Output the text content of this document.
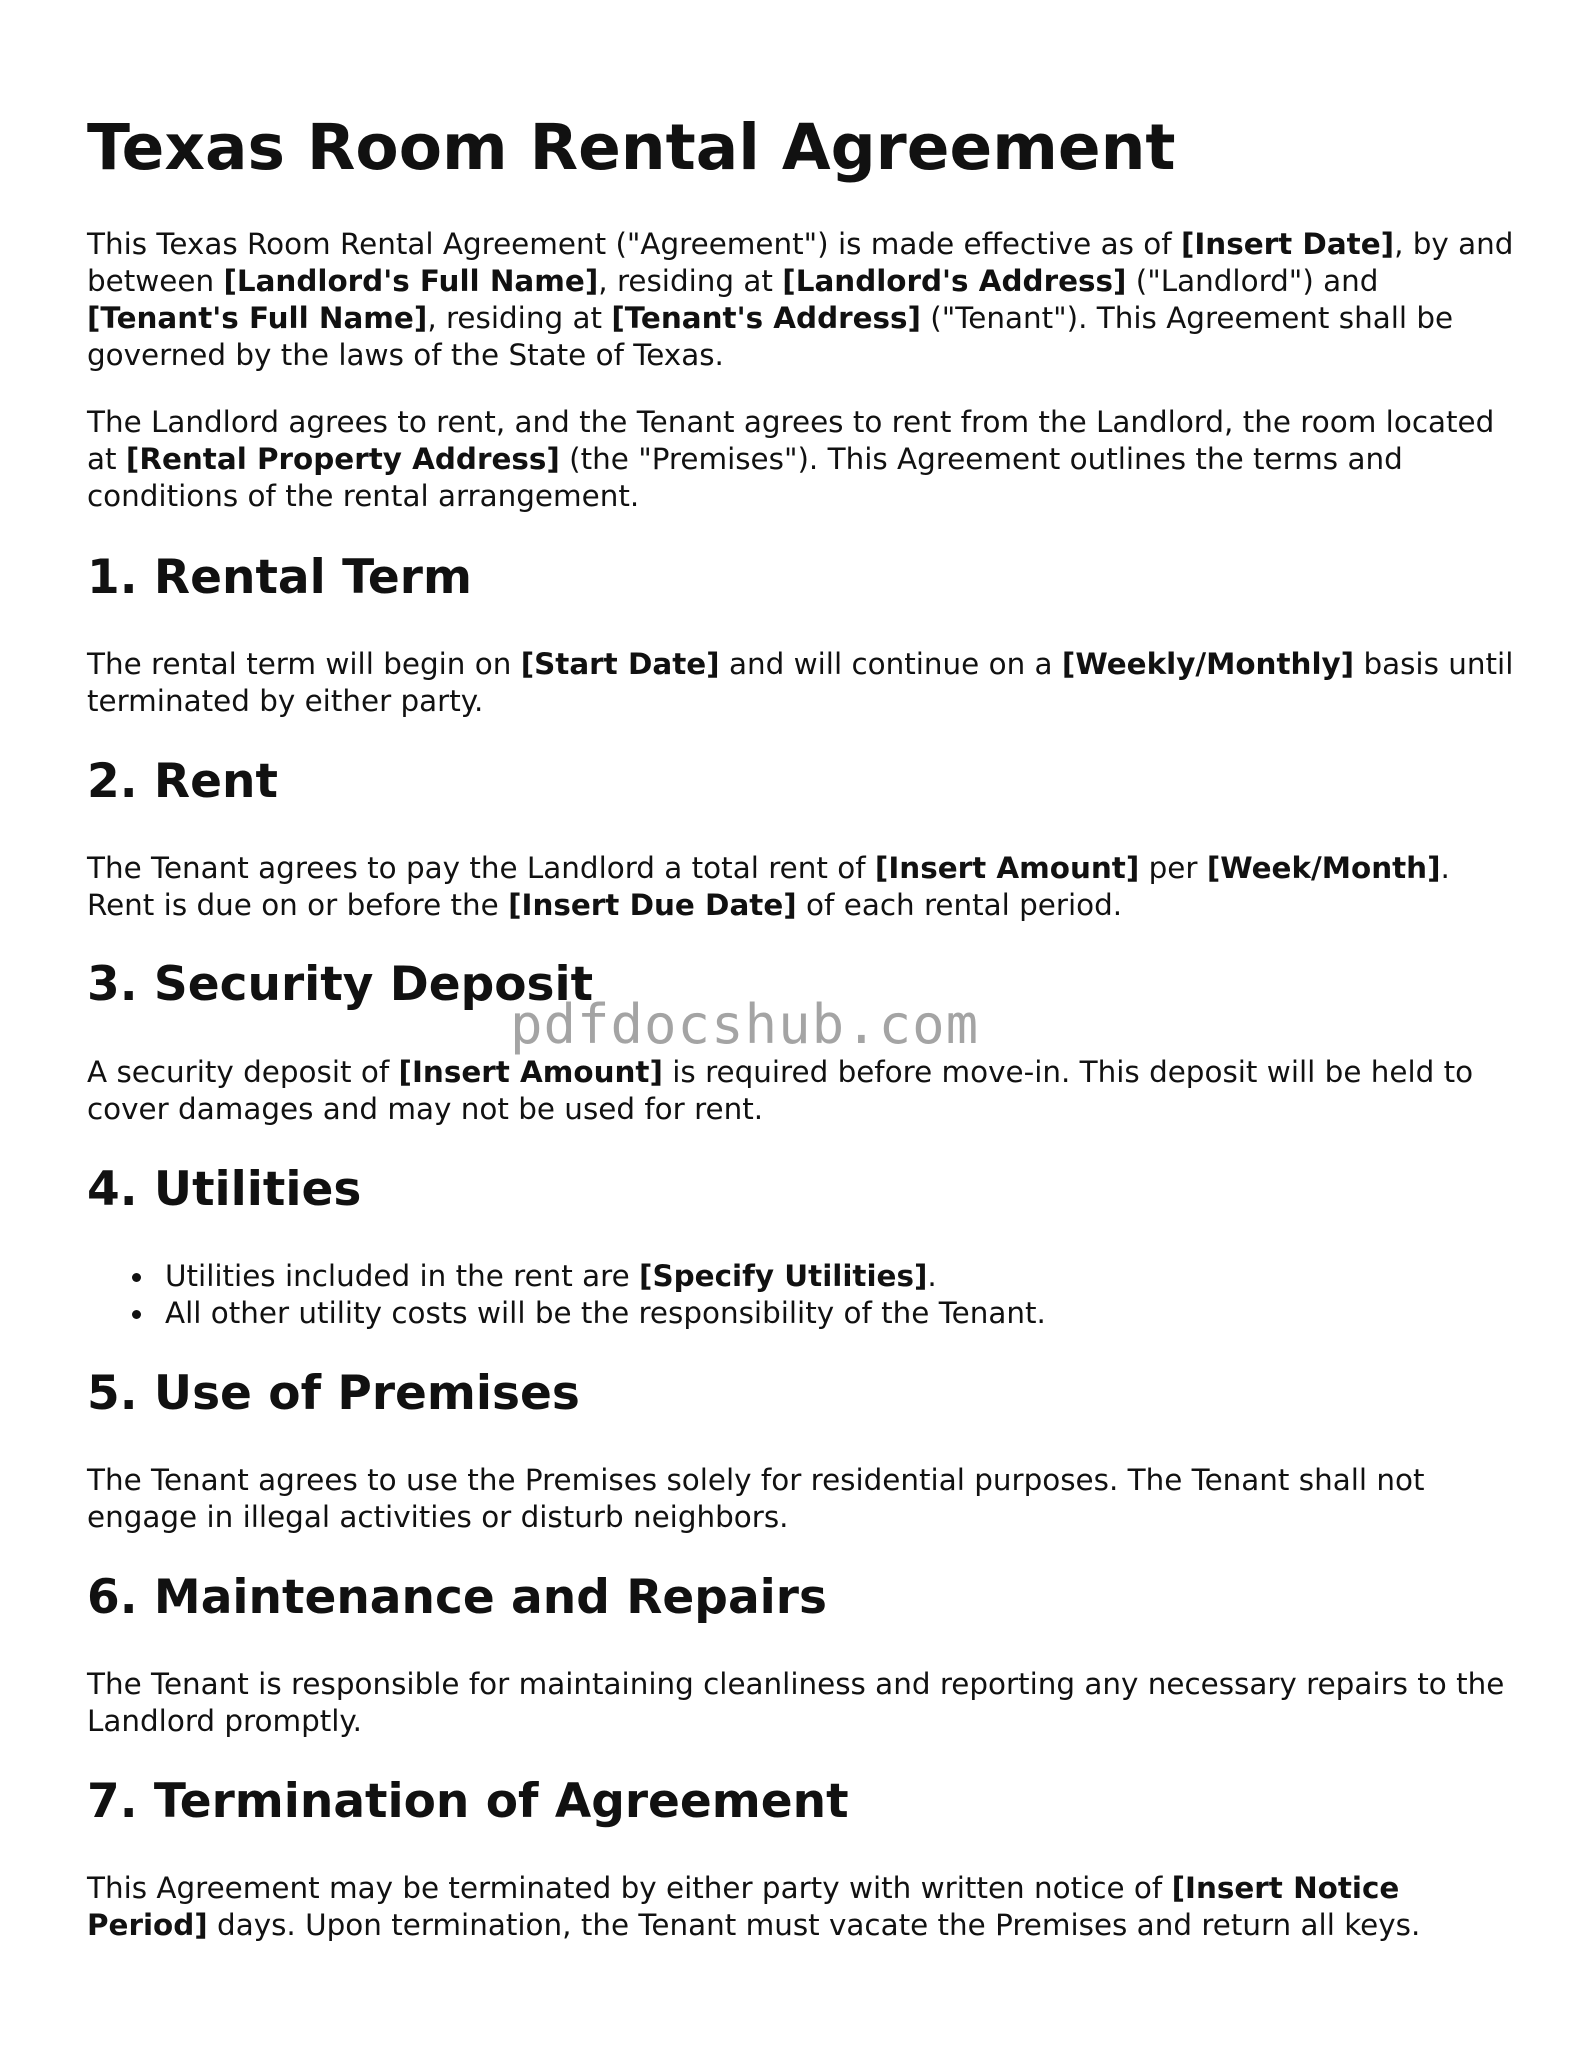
Texas Room Rental Agreement

This Texas Room Rental Agreement ("Agreement") is made effective as of [Insert Date], by and between [Landlord's Full Name], residing at [Landlord's Address] ("Landlord") and [Tenant's Full Name], residing at [Tenant's Address] ("Tenant"). This Agreement shall be governed by the laws of the State of Texas.

The Landlord agrees to rent, and the Tenant agrees to rent from the Landlord, the room located at [Rental Property Address] (the "Premises"). This Agreement outlines the terms and conditions of the rental arrangement.

1. Rental Term

The rental term will begin on [Start Date] and will continue on a [Weekly/Monthly] basis until terminated by either party.

2. Rent

The Tenant agrees to pay the Landlord a total rent of [Insert Amount] per [Week/Month]. Rent is due on or before the [Insert Due Date] of each rental period.

3. Security Deposit

A security deposit of [Insert Amount] is required before move-in. This deposit will be held to cover damages and may not be used for rent.

4. Utilities
Utilities included in the rent are [Specify Utilities].
All other utility costs will be the responsibility of the Tenant.
5. Use of Premises

The Tenant agrees to use the Premises solely for residential purposes. The Tenant shall not engage in illegal activities or disturb neighbors.

6. Maintenance and Repairs

The Tenant is responsible for maintaining cleanliness and reporting any necessary repairs to the Landlord promptly.

7. Termination of Agreement

This Agreement may be terminated by either party with written notice of [Insert Notice Period] days. Upon termination, the Tenant must vacate the Premises and return all keys.

pdfdocshub.com
